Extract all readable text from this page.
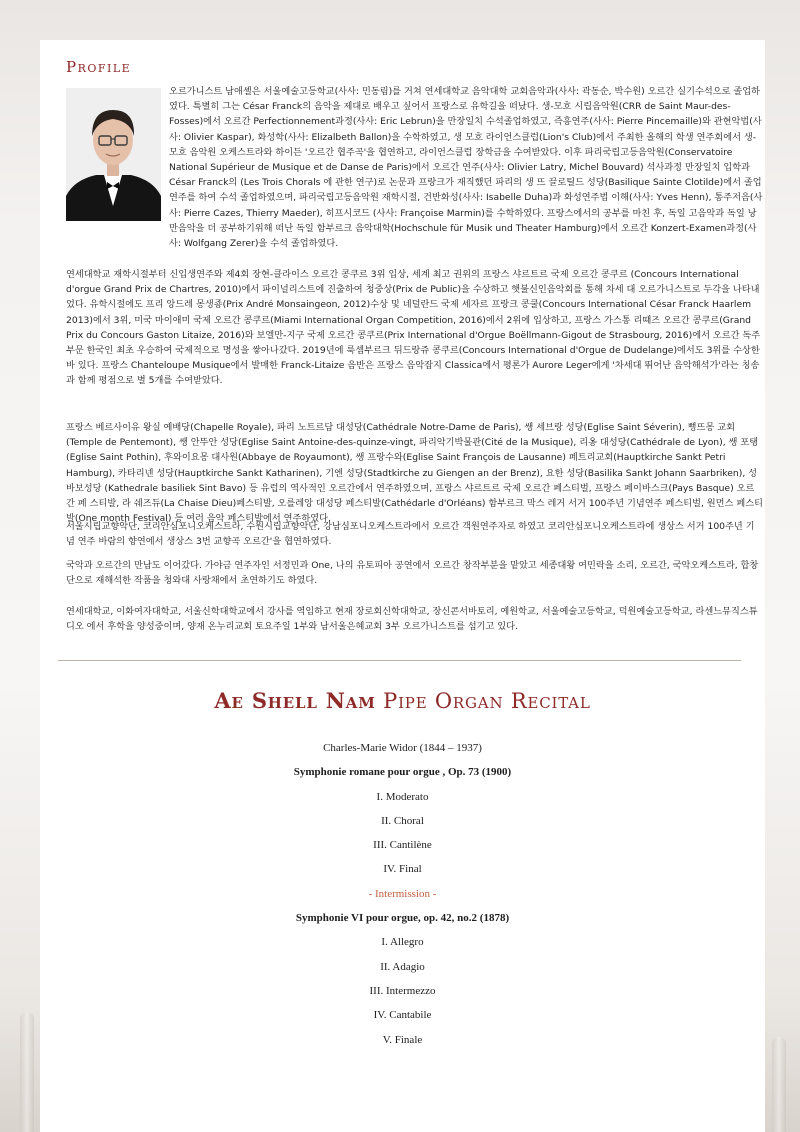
Profile

오르가니스트 남애셸은 서울예술고등학교(사사: 민동림)를 거쳐 연세대학교 음악대학 교회음악과(사사: 곽동순, 박수원) 오르간 실기수석으로 졸업하였다. 특별히 그는 César Franck의 음악을 제대로 배우고 싶어서 프랑스로 유학길을 떠났다. 생-모흐 시립음악원(CRR de Saint Maur-des-Fosses)에서 오르간 Perfectionnement과정(사사: Eric Lebrun)을 만장일치 수석졸업하였고, 즉흥연주(사사: Pierre Pincemaille)와 관현악법(사사: Olivier Kaspar), 화성학(사사: Elizalbeth Ballon)을 수학하였고, 생 모흐 라이언스클럽(Lion's Club)에서 주최한 올해의 학생 연주회에서 생-모흐 음악원 오케스트라와 하이든 '오르간 협주곡'을 협연하고, 라이언스클럽 장학금을 수여받았다. 이후 파리국립고등음악원(Conservatoire National Supérieur de Musique et de Danse de Paris)에서 오르간 연주(사사: Olivier Latry, Michel Bouvard) 석사과정 만장일치 입학과 César Franck의 (Les Trois Chorals 에 관한 연구)로 논문과 프랑크가 재직했던 파리의 생 뜨 끌로틸드 성당(Basilique Sainte Clotilde)에서 졸업연주를 하여 수석 졸업하였으며, 파리국립고등음악원 재학시절, 건반화성(사사: Isabelle Duha)과 화성연주법 이해(사사: Yves Henn), 통주저음(사사: Pierre Cazes, Thierry Maeder), 히프시코드 (사사: Françoise Marmin)를 수학하였다. 프랑스에서의 공부를 마친 후, 독일 고음악과 독일 낭만음악을 더 공부하기위해 떠난 독일 함부르크 음악대학(Hochschule für Musik und Theater Hamburg)에서 오르간 Konzert-Examen과정(사사: Wolfgang Zerer)을 수석 졸업하였다.

연세대학교 재학시절부터 신입생연주와 제4회 장현-클라이스 오르간 콩쿠르 3위 입상, 세계 최고 권위의 프랑스 샤르트르 국제 오르간 콩쿠르 (Concours International d'orgue Grand Prix de Chartres, 2010)에서 파이널리스트에 진출하여 청중상(Prix de Public)을 수상하고 햇불신인음악회를 통해 차세 대 오르가니스트로 두각을 나타내었다. 유학시절에도 프리 앙드레 몽생죵(Prix André Monsaingeon, 2012)수상 및 네덜란드 국제 세자르 프랑크 콩쿨(Concours International César Franck Haarlem 2013)에서 3위, 미국 마이애미 국제 오르간 콩쿠르(Miami International Organ Competition, 2016)에서 2위에 입상하고, 프랑스 가스통 리때즈 오르간 콩쿠르(Grand Prix du Concours Gaston Litaize, 2016)와 보엘만-지구 국제 오르간 콩쿠르(Prix International d'Orgue Boëllmann-Gigout de Strasbourg, 2016)에서 오르간 독주부문 한국인 최초 우승하여 국제적으로 명성을 쌓아나갔다. 2019년에 룩셈부르크 뒤드랑쥬 콩쿠르(Concours International d'Orgue de Dudelange)에서도 3위를 수상한 바 있다. 프랑스 Chanteloupe Musique에서 발매한 Franck-Litaize 음반은 프랑스 음악잡지 Classica에서 평론가 Aurore Leger에게 '차세대 뛰어난 음악해석가'라는 칭송과 함께 평점으로 별 5개를 수여받았다.

프랑스 베르사이유 왕실 예배당(Chapelle Royale), 파리 노트르담 대성당(Cathédrale Notre-Dame de Paris), 쌩 세브랑 성당(Eglise Saint Séverin), 뻥뜨몽 교회(Temple de Pentemont), 쌩 안뚜안 성당(Eglise Saint Antoine-des-quinze-vingt, 파리악기박물관(Cité de la Musique), 리옹 대성당(Cathédrale de Lyon), 쌩 포탱(Eglise Saint Pothin), 후와이요몽 대사원(Abbaye de Royaumont), 쌩 프랑수와(Eglise Saint François de Lausanne) 페트리교회(Hauptkirche Sankt Petri Hamburg), 카타리넨 성당(Hauptkirche Sankt Katharinen), 기엔 성당(Stadtkirche zu Giengen an der Brenz), 요한 성당(Basilika Sankt Johann Saarbriken), 성바보성당 (Kathedrale basiliek Sint Bavo) 등 유럽의 역사적인 오르간에서 연주하였으며, 프랑스 샤르트르 국제 오르간 페스티벌, 프랑스 페이바스크(Pays Basque) 오르간 페 스티발, 라 쉐즈듀(La Chaise Dieu)페스티발, 오를레앙 대성당 페스티발(Cathédarle d'Orléans) 함부르크 막스 레거 서거 100주년 기념연주 페스티벌, 원먼스 페스티발(One month Festival) 등 여러 음악 페스티발에서 연주하였다.

서울시립교향악단, 코리안심포니오케스트라, 수원시립교향악단, 강남심포니오케스트라에서 오르간 객원연주자로 하였고 코리안심포니오케스트라에 생상스 서거 100주년 기념 연주 바람의 향연에서 생상스 3번 교향곡 오르간'을 협연하였다.

국악과 오르간의 만남도 이어갔다. 가야금 연주자인 서정민과 One, 나의 유토피아 공연에서 오르간 창작부분을 맡았고 세종대왕 여민락을 소리, 오르간, 국악오케스트라, 합창단으로 재해석한 작품을 청와대 사랑채에서 초연하기도 하였다.

연세대학교, 이화여자대학교, 서울신학대학교에서 강사를 역임하고 현재 장로회신학대학교, 장신콘서바토리, 예원학교, 서울예술고등학교, 덕원예술고등학교, 라센느뮤직스튜디오 에서 후학을 양성중이며, 양재 온누리교회 토요주일 1부와 남서울은혜교회 3부 오르가니스트를 섬기고 있다.

Ae Shell Nam Pipe Organ Recital
Charles-Marie Widor (1844 – 1937)
Symphonie romane pour orgue , Op. 73 (1900)
I. Moderato
II. Choral
III. Cantilène
IV. Final
- Intermission -
Symphonie VI pour orgue, op. 42, no.2 (1878)
I. Allegro
II. Adagio
III. Intermezzo
IV. Cantabile
V. Finale
